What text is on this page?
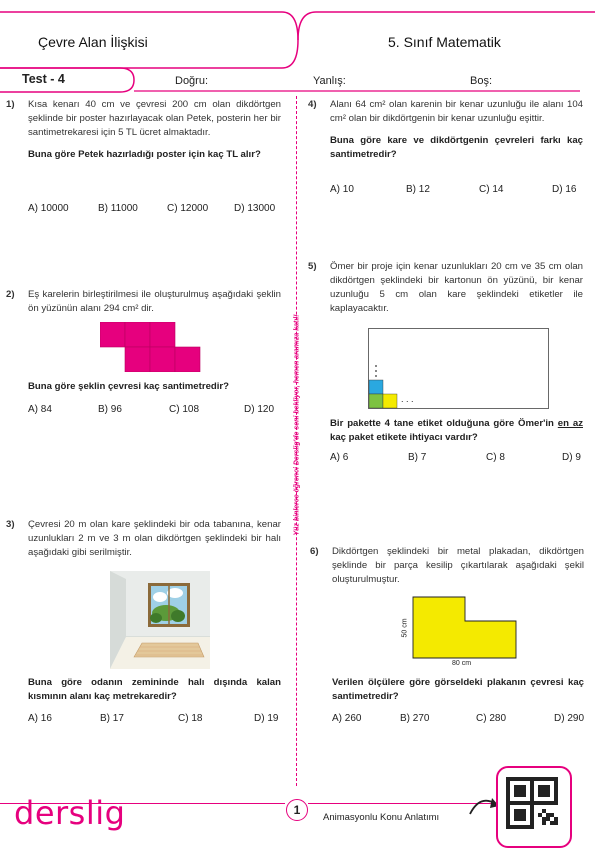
Çevre Alan İlişkisi	5. Sınıf Matematik
Test - 4	Doğru:	Yanlış:	Boş:
Yüz binlerce öğrenci Derslig'de seni bekliyor, hemen aramıza katıl!
1) Kısa kenarı 40 cm ve çevresi 200 cm olan dikdörtgen şeklinde bir poster hazırlayacak olan Petek, posterin her bir santimetrekaresi için 5 TL ücret almaktadır.
Buna göre Petek hazırladığı poster için kaç TL alır?
A) 10000	B) 11000	C) 12000	D) 13000
2) Eş karelerin birleştirilmesi ile oluşturulmuş aşağıdaki şeklin ön yüzünün alanı 294 cm² dir.
Buna göre şeklin çevresi kaç santimetredir?
A) 84	B) 96	C) 108	D) 120
3) Çevresi 20 m olan kare şeklindeki bir oda tabanına, kenar uzunlukları 2 m ve 3 m olan dikdörtgen şeklindeki bir halı aşağıdaki gibi serilmiştir.
Buna göre odanın zemininde halı dışında kalan kısmının alanı kaç metrekaredir?
A) 16	B) 17	C) 18	D) 19
4) Alanı 64 cm² olan karenin bir kenar uzunluğu ile alanı 104 cm² olan bir dikdörtgenin bir kenar uzunluğu eşittir.
Buna göre kare ve dikdörtgenin çevreleri farkı kaç santimetredir?
A) 10	B) 12	C) 14	D) 16
5) Ömer bir proje için kenar uzunlukları 20 cm ve 35 cm olan dikdörtgen şeklindeki bir kartonun ön yüzünü, bir kenar uzunluğu 5 cm olan kare şeklindeki etiketler ile kaplayacaktır.
. . .
Bir pakette 4 tane etiket olduğuna göre Ömer'in en az kaç paket etikete ihtiyacı vardır?
A) 6	B) 7	C) 8	D) 9
6) Dikdörtgen şeklindeki bir metal plakadan, dikdörtgen şeklinde bir parça kesilip çıkartılarak aşağıdaki şekil oluşturulmuştur.
50 cm
80 cm
Verilen ölçülere göre görseldeki plakanın çevresi kaç santimetredir?
A) 260	B) 270	C) 280	D) 290
derslig	1
Animasyonlu Konu Anlatımı
